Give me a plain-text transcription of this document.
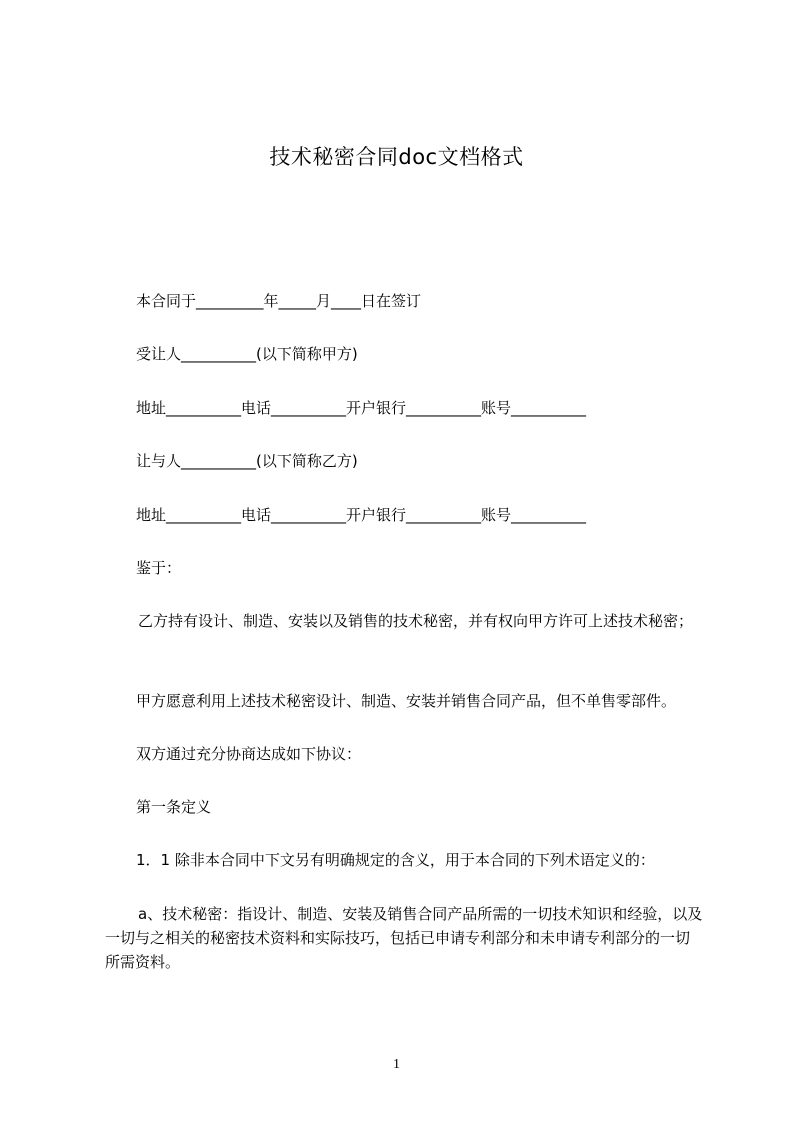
技术秘密合同doc文档格式
本合同于_________年_____月____日在签订
受让人__________(以下简称甲方)
地址__________电话__________开户银行__________账号__________
让与人__________(以下简称乙方)
地址__________电话__________开户银行__________账号__________
鉴于：
乙方持有设计、制造、安装以及销售的技术秘密，并有权向甲方许可上述技术秘密；
甲方愿意利用上述技术秘密设计、制造、安装并销售合同产品，但不单售零部件。
双方通过充分协商达成如下协议：
第一条定义
1．1 除非本合同中下文另有明确规定的含义，用于本合同的下列术语定义的：
a、技术秘密：指设计、制造、安装及销售合同产品所需的一切技术知识和经验，以及一切与之相关的秘密技术资料和实际技巧，包括已申请专利部分和未申请专利部分的一切所需资料。
1
